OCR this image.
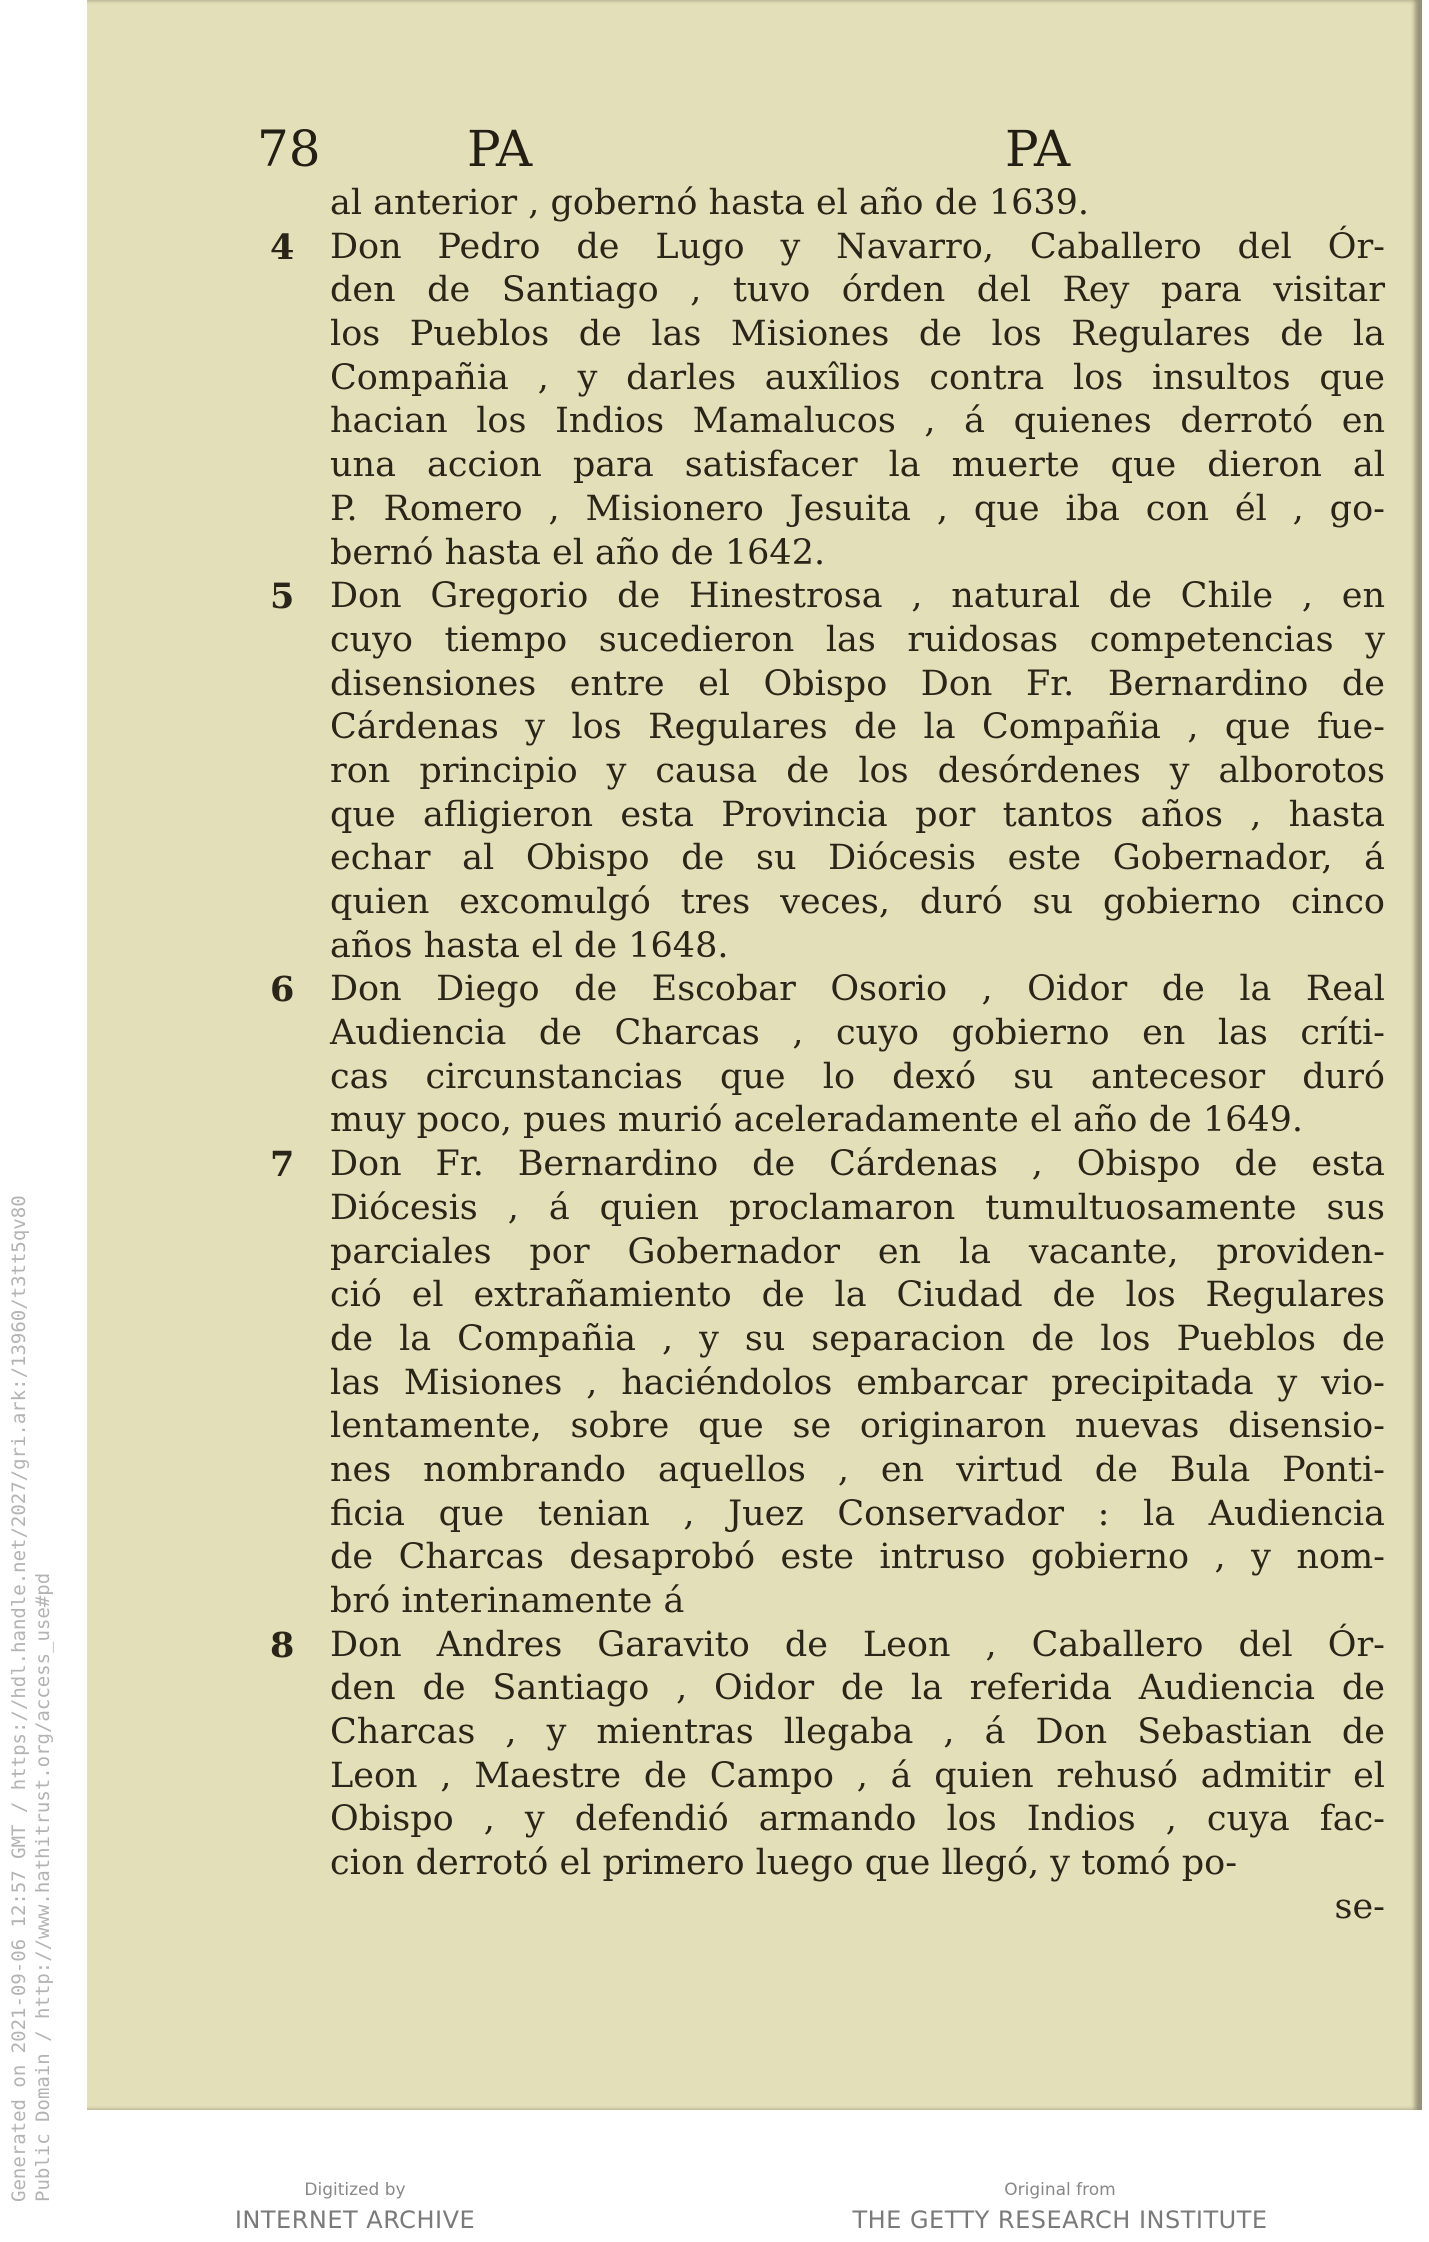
Generated on 2021-09-06 12:57 GMT / https://hdl.handle.net/2027/gri.ark:/13960/t3tt5qv80 Public Domain / http://www.hathitrust.org/access_use#pd
78	PA	PA
al anterior , gobernó hasta el año de 1639.
4 Don Pedro de Lugo y Navarro, Caballero del Ór-
den de Santiago , tuvo órden del Rey para visitar
los Pueblos de las Misiones de los Regulares de la
Compañia , y darles auxîlios contra los insultos que
hacian los Indios Mamalucos , á quienes derrotó en
una accion para satisfacer la muerte que dieron al
P. Romero , Misionero Jesuita , que iba con él , go-
bernó hasta el año de 1642.
5 Don Gregorio de Hinestrosa , natural de Chile , en
cuyo tiempo sucedieron las ruidosas competencias y
disensiones entre el Obispo Don Fr. Bernardino de
Cárdenas y los Regulares de la Compañia , que fue-
ron principio y causa de los desórdenes y alborotos
que afligieron esta Provincia por tantos años , hasta
echar al Obispo de su Diócesis este Gobernador, á
quien excomulgó tres veces, duró su gobierno cinco
años hasta el de 1648.
6 Don Diego de Escobar Osorio , Oidor de la Real
Audiencia de Charcas , cuyo gobierno en las críti-
cas circunstancias que lo dexó su antecesor duró
muy poco, pues murió aceleradamente el año de 1649.
7 Don Fr. Bernardino de Cárdenas , Obispo de esta
Diócesis , á quien proclamaron tumultuosamente sus
parciales por Gobernador en la vacante, providen-
ció el extrañamiento de la Ciudad de los Regulares
de la Compañia , y su separacion de los Pueblos de
las Misiones , haciéndolos embarcar precipitada y vio-
lentamente, sobre que se originaron nuevas disensio-
nes nombrando aquellos , en virtud de Bula Ponti-
ficia que tenian , Juez Conservador : la Audiencia
de Charcas desaprobó este intruso gobierno , y nom-
bró interinamente á
8 Don Andres Garavito de Leon , Caballero del Ór-
den de Santiago , Oidor de la referida Audiencia de
Charcas , y mientras llegaba , á Don Sebastian de
Leon , Maestre de Campo , á quien rehusó admitir el
Obispo , y defendió armando los Indios , cuya fac-
cion derrotó el primero luego que llegó, y tomó po-
se-
Digitized by
INTERNET ARCHIVE
Original from
THE GETTY RESEARCH INSTITUTE
